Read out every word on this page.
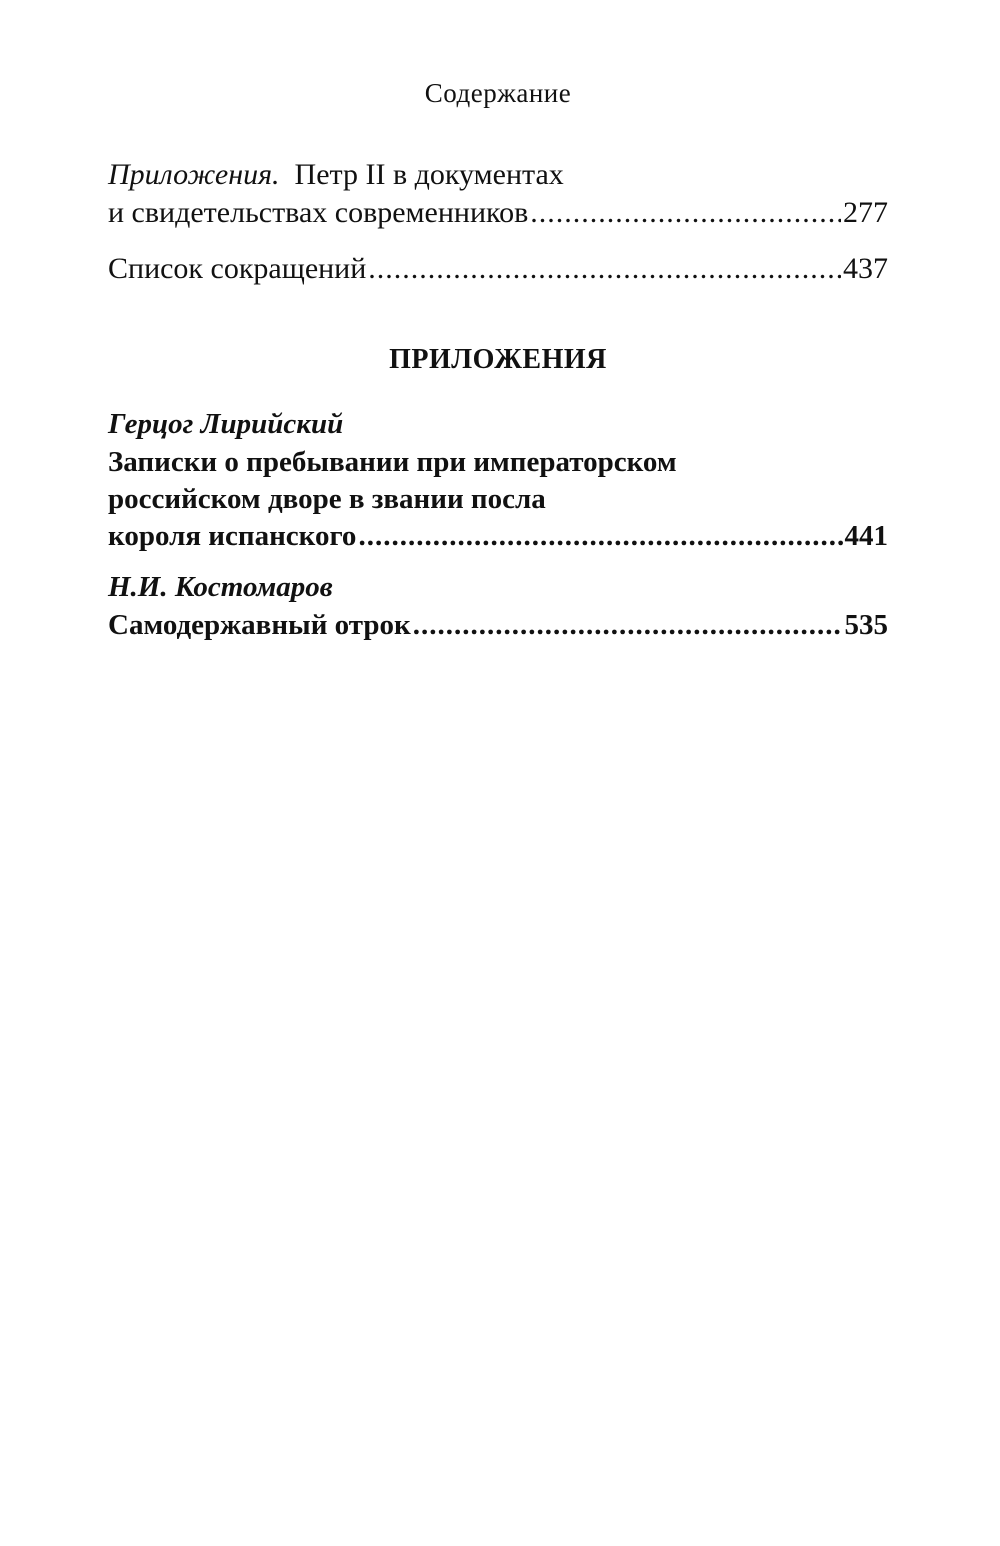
Содержание
Приложения. Петр II в документах
и свидетельствах современников .....	277
Список сокращений .....	437
ПРИЛОЖЕНИЯ
Герцог Лирийский
Записки о пребывании при императорском
российском дворе в звании посла
короля испанского .....	441
Н.И. Костомаров
Самодержавный отрок .....	535
